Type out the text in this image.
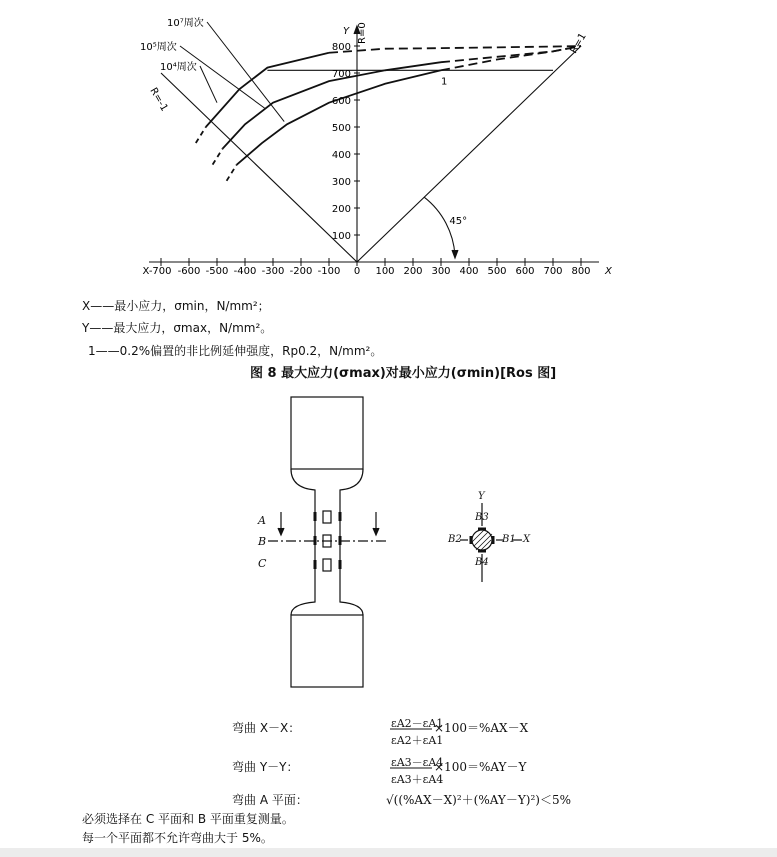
X-700 -600 -500 -400 -300 -200 -100 0 100 200 300 400 500 600 700 800 X
100
200
300
400
500
600
700
800
Y
10⁴周次
10⁵周次
10⁷周次	R=0	R=1
R=-1
1
45°
X——最小应力，σmin，N/mm²；
Y——最大应力，σmax，N/mm²。
1——0.2%偏置的非比例延伸强度，Rp0.2，N/mm²。
图 8 最大应力(σmax)对最小应力(σmin)[Ros 图]
A
B
C
Y
B3
B2	B1 X
B4
弯曲 X－X：	εA2－εA1
εA2＋εA1
×100＝%AX－X
弯曲 Y－Y：	εA3－εA4
εA3＋εA4
×100＝%AY－Y
弯曲 A 平面：	√((%AX－X)²＋(%AY－Y)²)＜5%
必须选择在 C 平面和 B 平面重复测量。
每一个平面都不允许弯曲大于 5%。
